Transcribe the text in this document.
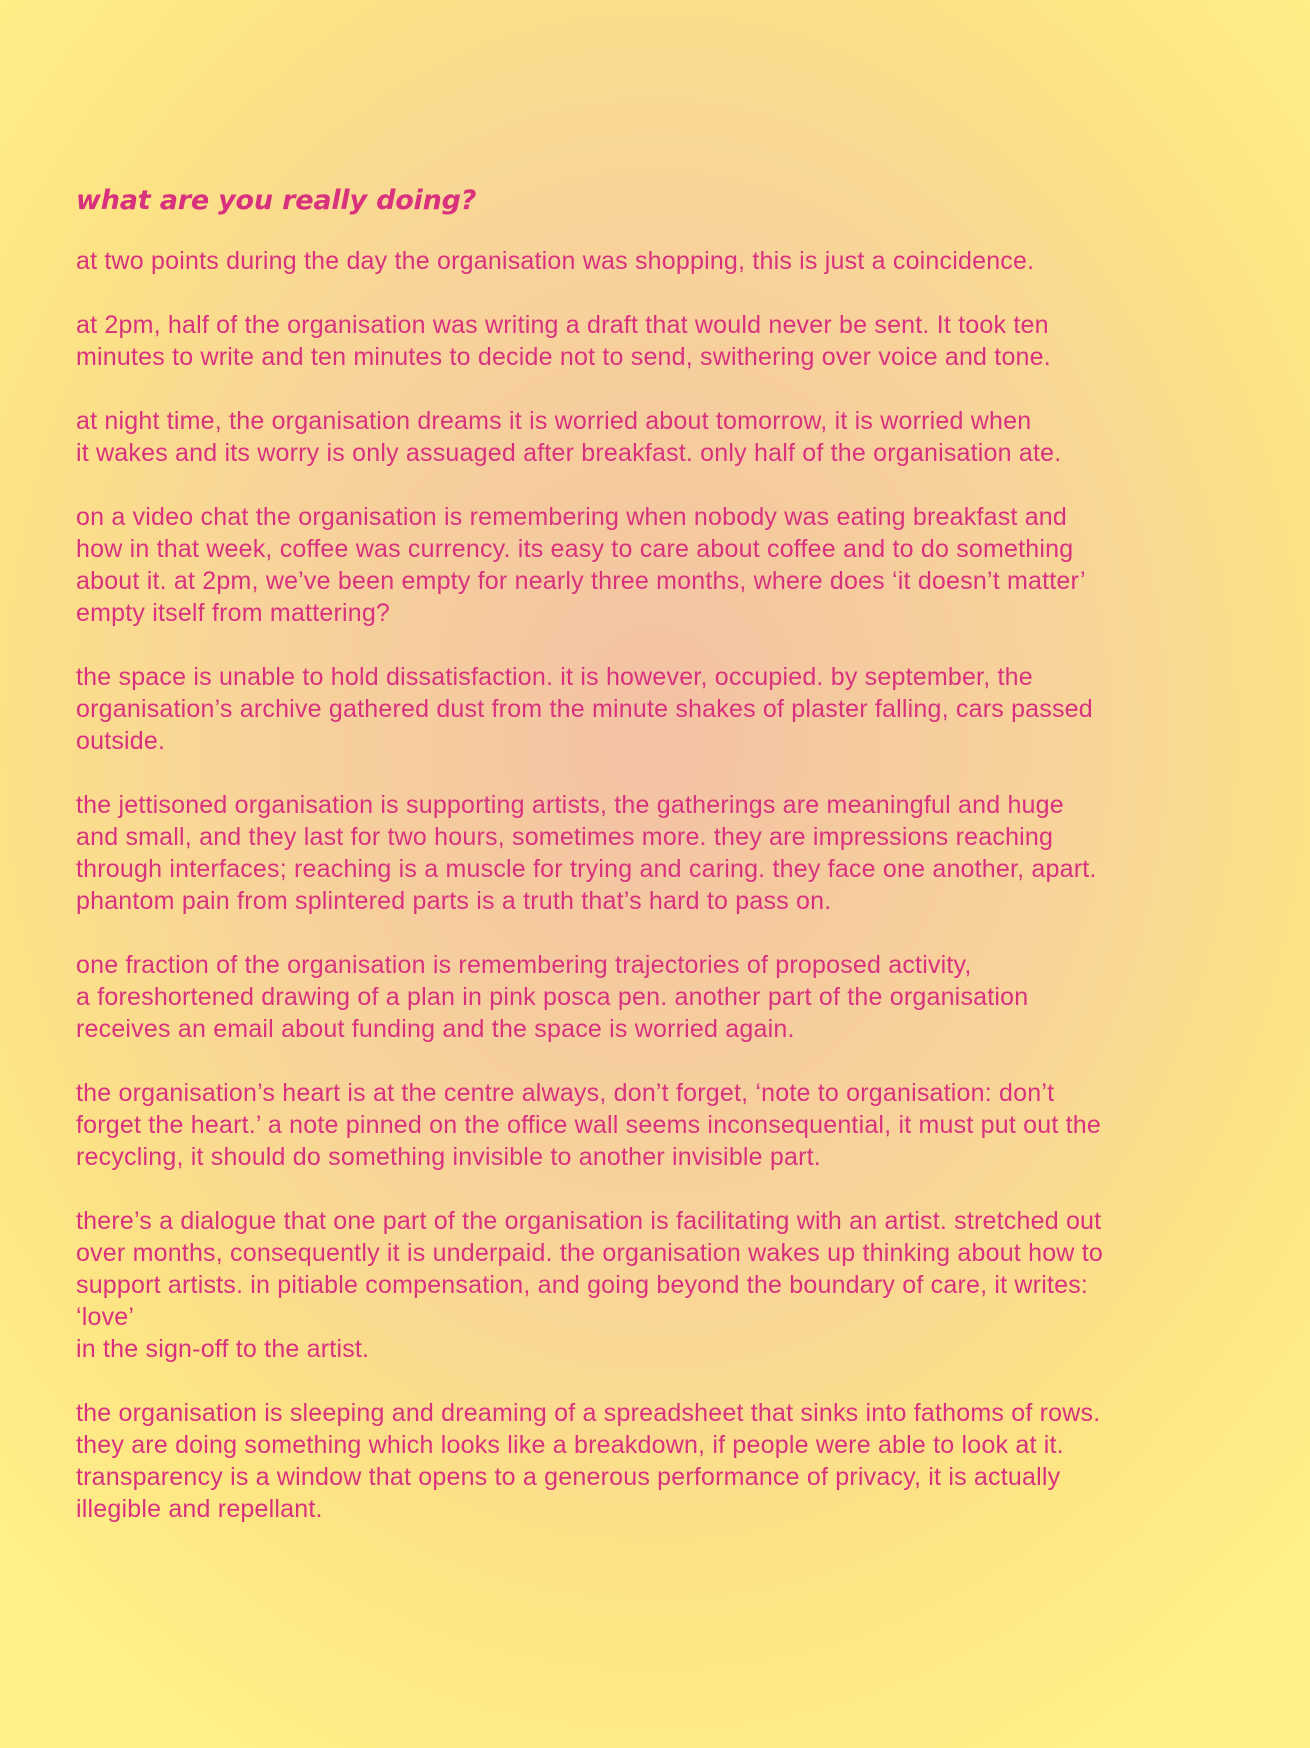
what are you really doing?

at two points during the day the organisation was shopping, this is just a coincidence.

at 2pm, half of the organisation was writing a draft that would never be sent. It took ten
minutes to write and ten minutes to decide not to send, swithering over voice and tone.

at night time, the organisation dreams it is worried about tomorrow, it is worried when
it wakes and its worry is only assuaged after breakfast. only half of the organisation ate.

on a video chat the organisation is remembering when nobody was eating breakfast and
how in that week, coffee was currency. its easy to care about coffee and to do something
about it. at 2pm, we’ve been empty for nearly three months, where does ‘it doesn’t matter’
empty itself from mattering?

the space is unable to hold dissatisfaction. it is however, occupied. by september, the
organisation’s archive gathered dust from the minute shakes of plaster falling, cars passed
outside.

the jettisoned organisation is supporting artists, the gatherings are meaningful and huge
and small, and they last for two hours, sometimes more. they are impressions reaching
through interfaces; reaching is a muscle for trying and caring. they face one another, apart.
phantom pain from splintered parts is a truth that’s hard to pass on.

one fraction of the organisation is remembering trajectories of proposed activity,
a foreshortened drawing of a plan in pink posca pen. another part of the organisation
receives an email about funding and the space is worried again.

the organisation’s heart is at the centre always, don’t forget, ‘note to organisation: don’t
forget the heart.’ a note pinned on the office wall seems inconsequential, it must put out the
recycling, it should do something invisible to another invisible part.

there’s a dialogue that one part of the organisation is facilitating with an artist. stretched out
over months, consequently it is underpaid. the organisation wakes up thinking about how to
support artists. in pitiable compensation, and going beyond the boundary of care, it writes:
‘love’
in the sign-off to the artist.

the organisation is sleeping and dreaming of a spreadsheet that sinks into fathoms of rows.
they are doing something which looks like a breakdown, if people were able to look at it.
transparency is a window that opens to a generous performance of privacy, it is actually
illegible and repellant.
